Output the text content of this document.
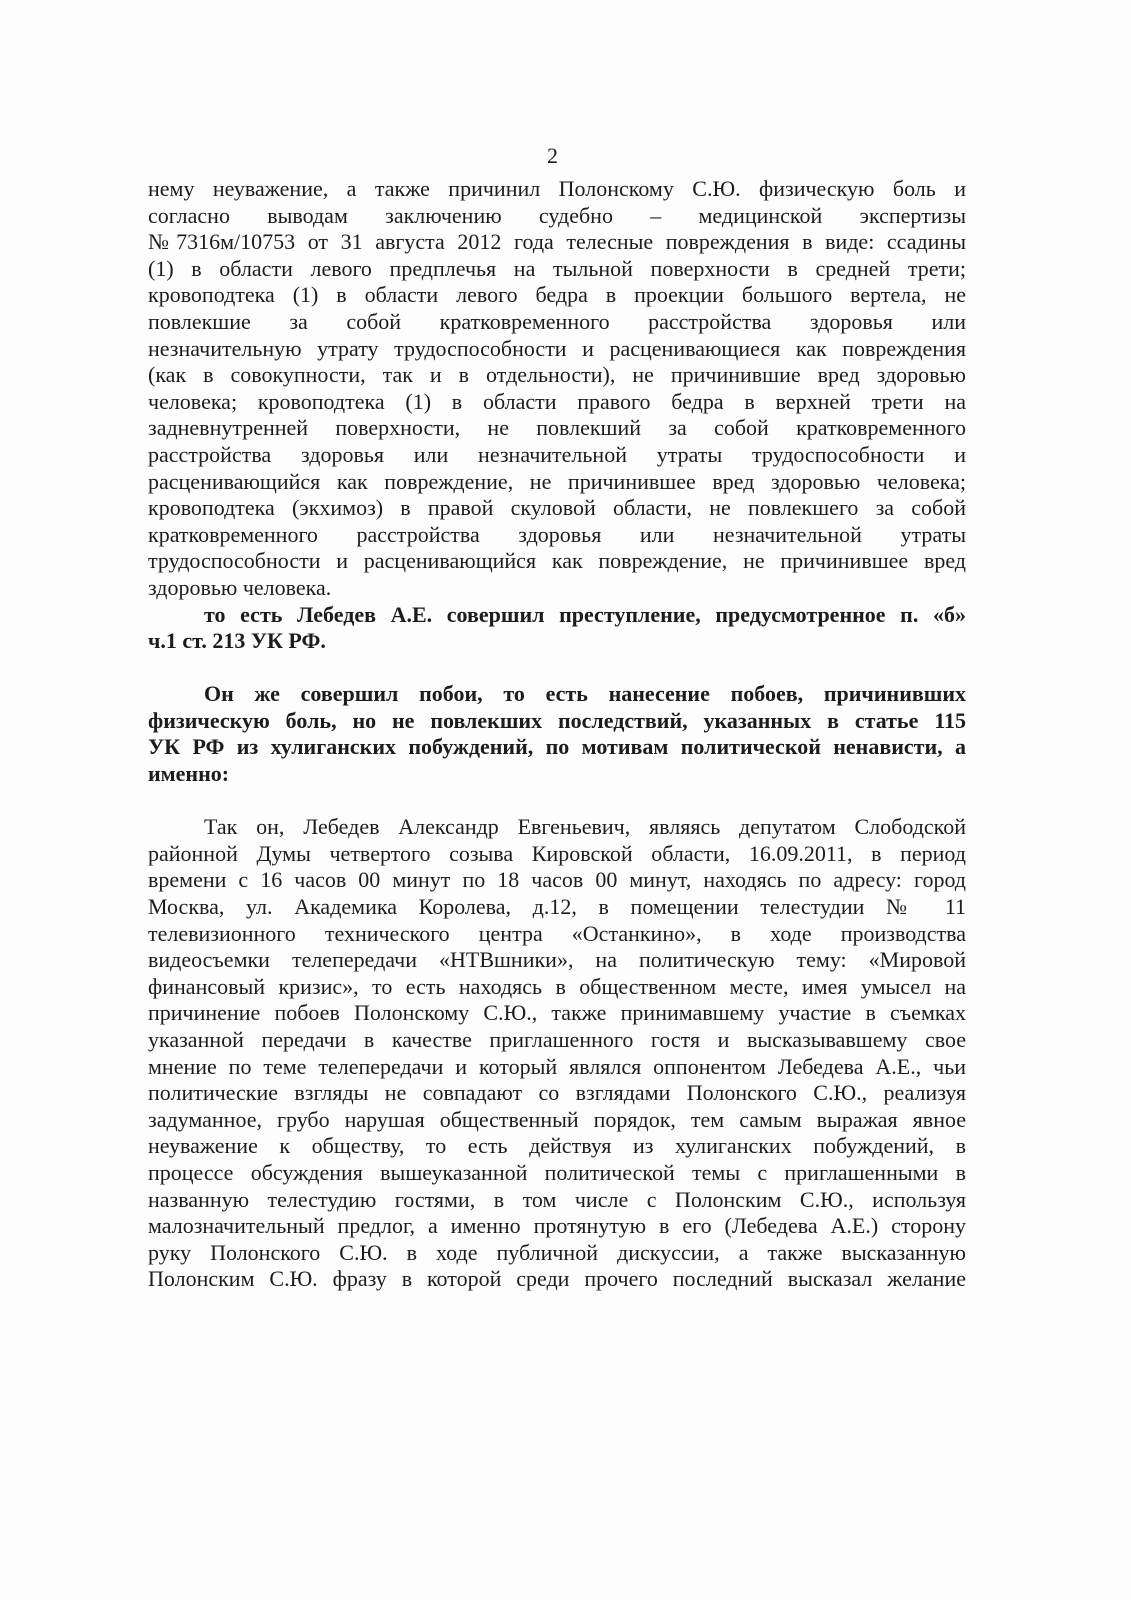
2
нему неуважение, а также причинил Полонскому С.Ю. физическую боль и
согласно выводам заключению судебно – медицинской экспертизы
№7316м/10753 от 31 августа 2012 года телесные повреждения в виде: ссадины
(1) в области левого предплечья на тыльной поверхности в средней трети;
кровоподтека (1) в области левого бедра в проекции большого вертела, не
повлекшие за собой кратковременного расстройства здоровья или
незначительную утрату трудоспособности и расценивающиеся как повреждения
(как в совокупности, так и в отдельности), не причинившие вред здоровью
человека; кровоподтека (1) в области правого бедра в верхней трети на
задневнутренней поверхности, не повлекший за собой кратковременного
расстройства здоровья или незначительной утраты трудоспособности и
расценивающийся как повреждение, не причинившее вред здоровью человека;
кровоподтека (экхимоз) в правой скуловой области, не повлекшего за собой
кратковременного расстройства здоровья или незначительной утраты
трудоспособности и расценивающийся как повреждение, не причинившее вред
здоровью человека.
то есть Лебедев А.Е. совершил преступление, предусмотренное п. «б»
ч.1 ст. 213 УК РФ.
Он же совершил побои, то есть нанесение побоев, причинивших
физическую боль, но не повлекших последствий, указанных в статье 115
УК РФ из хулиганских побуждений, по мотивам политической ненависти, а
именно:
Так он, Лебедев Александр Евгеньевич, являясь депутатом Слободской
районной Думы четвертого созыва Кировской области, 16.09.2011, в период
времени с 16 часов 00 минут по 18 часов 00 минут, находясь по адресу: город
Москва, ул. Академика Королева, д.12, в помещении телестудии № 11
телевизионного технического центра «Останкино», в ходе производства
видеосъемки телепередачи «НТВшники», на политическую тему: «Мировой
финансовый кризис», то есть находясь в общественном месте, имея умысел на
причинение побоев Полонскому С.Ю., также принимавшему участие в съемках
указанной передачи в качестве приглашенного гостя и высказывавшему свое
мнение по теме телепередачи и который являлся оппонентом Лебедева А.Е., чьи
политические взгляды не совпадают со взглядами Полонского С.Ю., реализуя
задуманное, грубо нарушая общественный порядок, тем самым выражая явное
неуважение к обществу, то есть действуя из хулиганских побуждений, в
процессе обсуждения вышеуказанной политической темы с приглашенными в
названную телестудию гостями, в том числе с Полонским С.Ю., используя
малозначительный предлог, а именно протянутую в его (Лебедева А.Е.) сторону
руку Полонского С.Ю. в ходе публичной дискуссии, а также высказанную
Полонским С.Ю. фразу в которой среди прочего последний высказал желание
